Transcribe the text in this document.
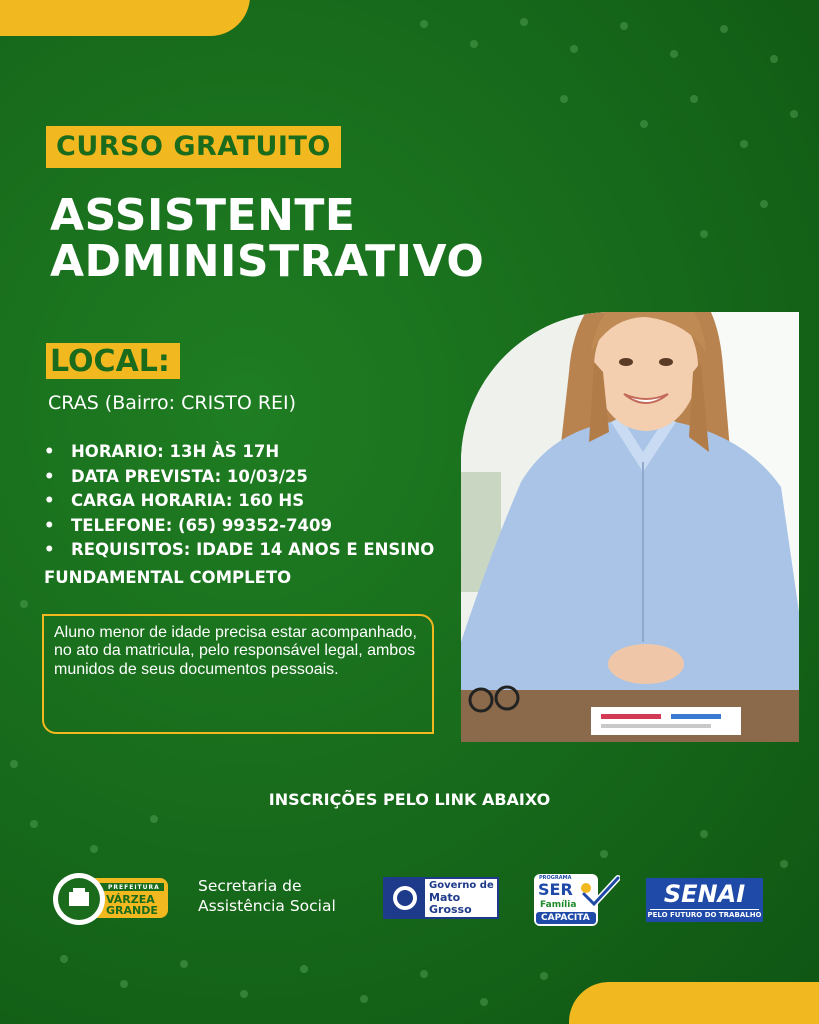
CURSO GRATUITO
ASSISTENTE
ADMINISTRATIVO
LOCAL:
CRAS (Bairro: CRISTO REI)
• HORARIO: 13H ÀS 17H
• DATA PREVISTA: 10/03/25
• CARGA HORARIA: 160 HS
• TELEFONE: (65) 99352-7409
• REQUISITOS: IDADE 14 ANOS E ENSINO
FUNDAMENTAL COMPLETO
Aluno menor de idade precisa estar acompanhado, no ato da matricula, pelo responsável legal, ambos munidos de seus documentos pessoais.
INSCRIÇÕES PELO LINK ABAIXO
PREFEITURA
VÁRZEA
GRANDE
Secretaria de
Assistência Social
Governo de
Mato
Grosso
PROGRAMA
SER
Família
CAPACITA
SENAI
PELO FUTURO DO TRABALHO
